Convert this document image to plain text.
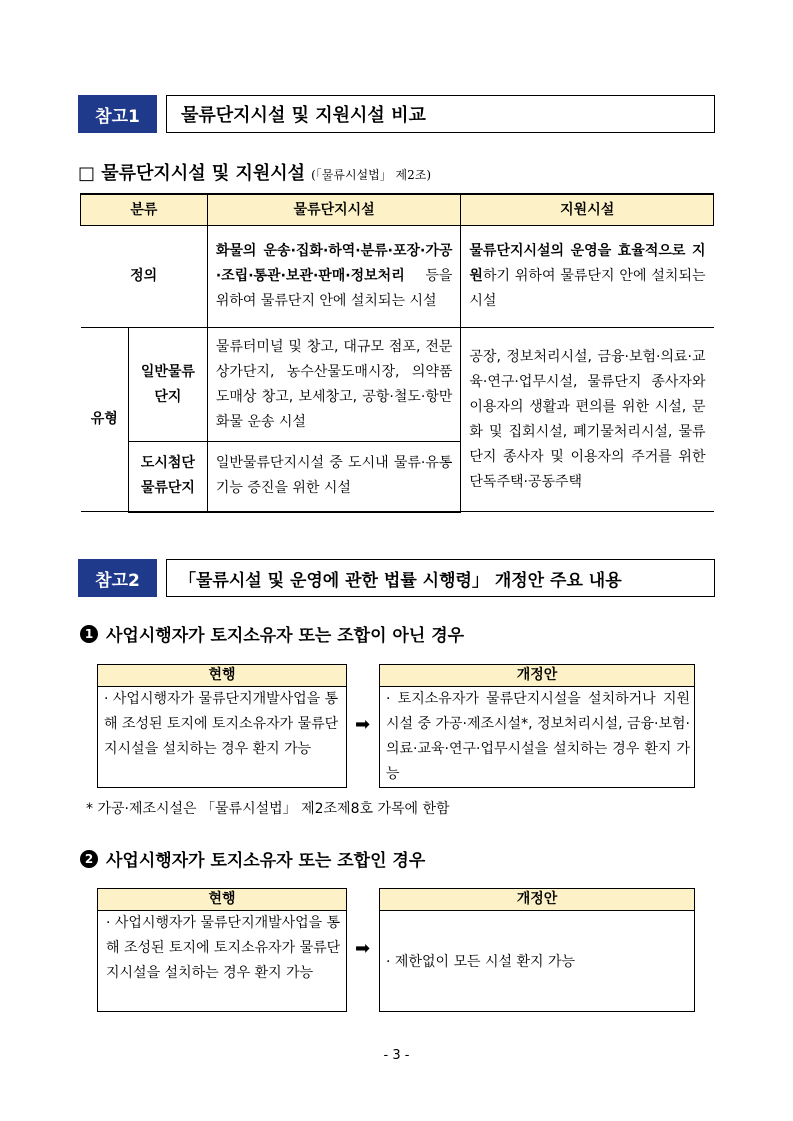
참고1	물류단지시설 및 지원시설 비교
□ 물류단지시설 및 지원시설 (「물류시설법」 제2조)
분류		물류단지시설	지원시설
정의		화물의 운송·집화·하역·분류·포장·가공·조립·통관·보관·판매·정보처리 등을 위하여 물류단지 안에 설치되는 시설	물류단지시설의 운영을 효율적으로 지원하기 위하여 물류단지 안에 설치되는 시설
유형	일반물류단지	물류터미널 및 창고, 대규모 점포, 전문상가단지, 농수산물도매시장, 의약품 도매상 창고, 보세창고, 공항·철도·항만 화물 운송 시설	공장, 정보처리시설, 금융·보험·의료·교육·연구·업무시설, 물류단지 종사자와 이용자의 생활과 편의를 위한 시설, 문화 및 집회시설, 폐기물처리시설, 물류단지 종사자 및 이용자의 주거를 위한 단독주택·공동주택
	도시첨단물류단지	일반물류단지시설 중 도시내 물류·유통기능 증진을 위한 시설	
참고2	「물류시설 및 운영에 관한 법률 시행령」 개정안 주요 내용
1 사업시행자가 토지소유자 또는 조합이 아닌 경우
현행
· 사업시행자가 물류단지개발사업을 통해 조성된 토지에 토지소유자가 물류단지시설을 설치하는 경우 환지 가능
➡
개정안
· 토지소유자가 물류단지시설을 설치하거나 지원시설 중 가공·제조시설*, 정보처리시설, 금융·보험·의료·교육·연구·업무시설을 설치하는 경우 환지 가능
* 가공·제조시설은 「물류시설법」 제2조제8호 가목에 한함
2 사업시행자가 토지소유자 또는 조합인 경우
현행
· 사업시행자가 물류단지개발사업을 통해 조성된 토지에 토지소유자가 물류단지시설을 설치하는 경우 환지 가능
➡
개정안
· 제한없이 모든 시설 환지 가능
- 3 -
